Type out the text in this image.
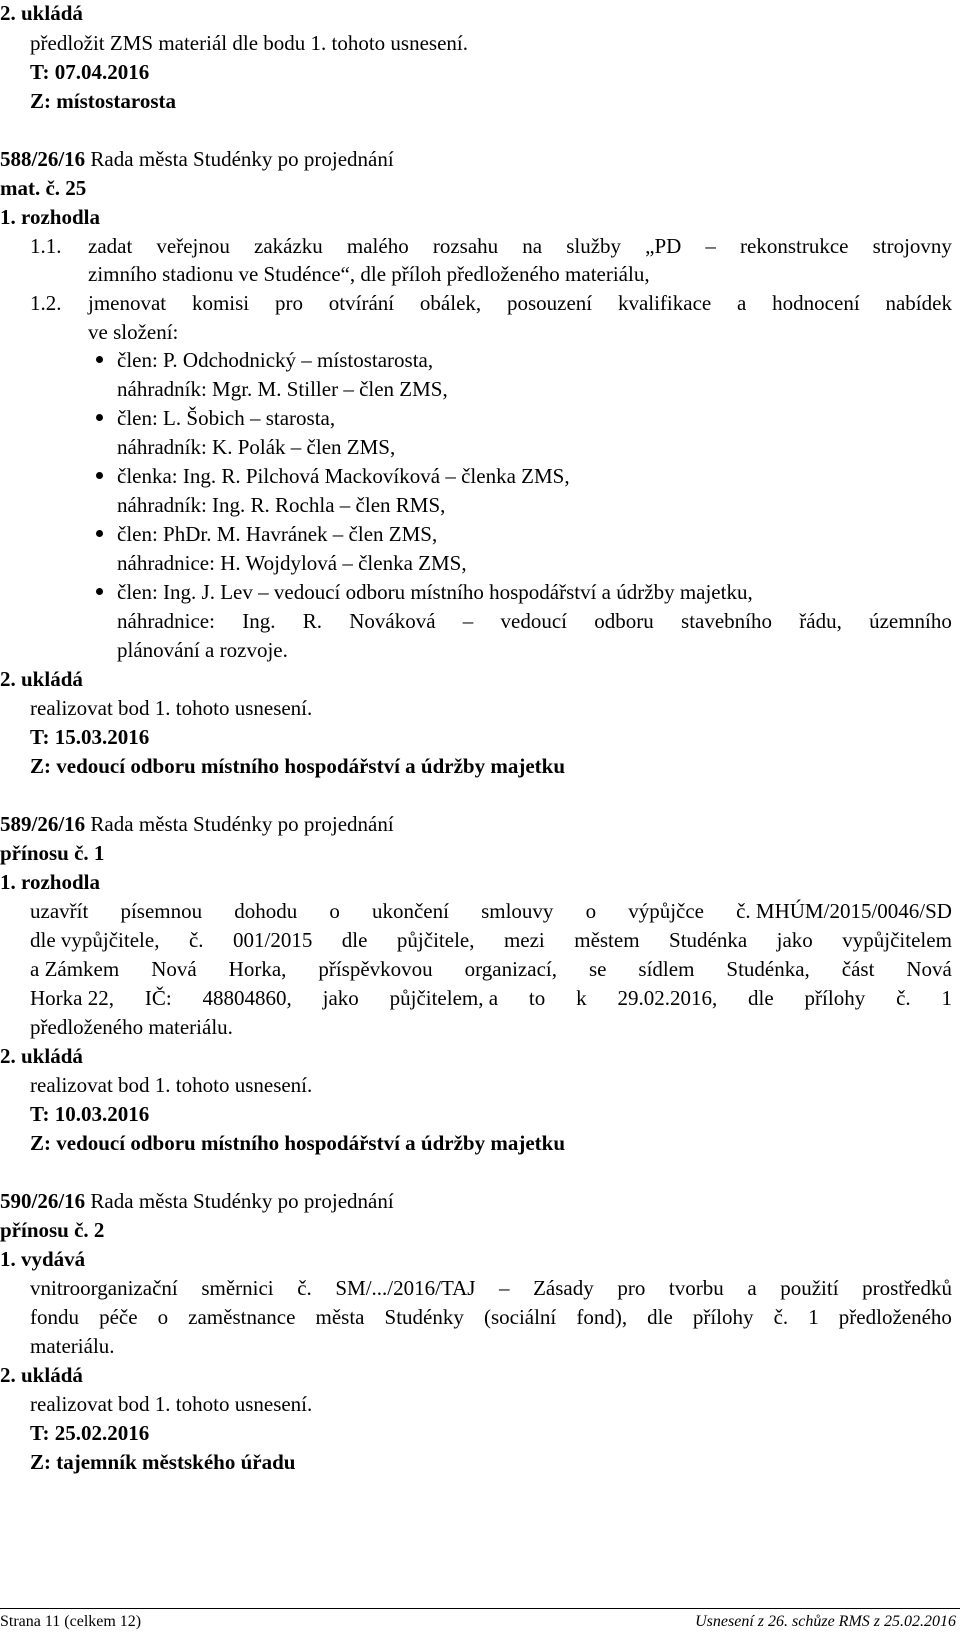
2. ukládá
předložit ZMS materiál dle bodu 1. tohoto usnesení.
T: 07.04.2016
Z: místostarosta
588/26/16 Rada města Studénky po projednání
mat. č. 25
1. rozhodla
1.1. zadat veřejnou zakázku malého rozsahu na služby „PD – rekonstrukce strojovny
zimního stadionu ve Studénce“, dle příloh předloženého materiálu,
1.2. jmenovat komisi pro otvírání obálek, posouzení kvalifikace a hodnocení nabídek
ve složení:
člen: P. Odchodnický – místostarosta,
náhradník: Mgr. M. Stiller – člen ZMS,
člen: L. Šobich – starosta,
náhradník: K. Polák – člen ZMS,
členka: Ing. R. Pilchová Mackovíková – členka ZMS,
náhradník: Ing. R. Rochla – člen RMS,
člen: PhDr. M. Havránek – člen ZMS,
náhradnice: H. Wojdylová – členka ZMS,
člen: Ing. J. Lev – vedoucí odboru místního hospodářství a údržby majetku,
náhradnice: Ing. R. Nováková – vedoucí odboru stavebního řádu, územního
plánování a rozvoje.
2. ukládá
realizovat bod 1. tohoto usnesení.
T: 15.03.2016
Z: vedoucí odboru místního hospodářství a údržby majetku
589/26/16 Rada města Studénky po projednání
přínosu č. 1
1. rozhodla
uzavřít písemnou dohodu o ukončení smlouvy o výpůjčce č. MHÚM/2015/0046/SD
dle vypůjčitele, č. 001/2015 dle půjčitele, mezi městem Studénka jako vypůjčitelem
a Zámkem Nová Horka, příspěvkovou organizací, se sídlem Studénka, část Nová
Horka 22, IČ: 48804860, jako půjčitelem, a to k 29.02.2016, dle přílohy č. 1
předloženého materiálu.
2. ukládá
realizovat bod 1. tohoto usnesení.
T: 10.03.2016
Z: vedoucí odboru místního hospodářství a údržby majetku
590/26/16 Rada města Studénky po projednání
přínosu č. 2
1. vydává
vnitroorganizační směrnici č. SM/.../2016/TAJ – Zásady pro tvorbu a použití prostředků
fondu péče o zaměstnance města Studénky (sociální fond), dle přílohy č. 1 předloženého
materiálu.
2. ukládá
realizovat bod 1. tohoto usnesení.
T: 25.02.2016
Z: tajemník městského úřadu
Strana 11 (celkem 12)	Usnesení z 26. schůze RMS z 25.02.2016
